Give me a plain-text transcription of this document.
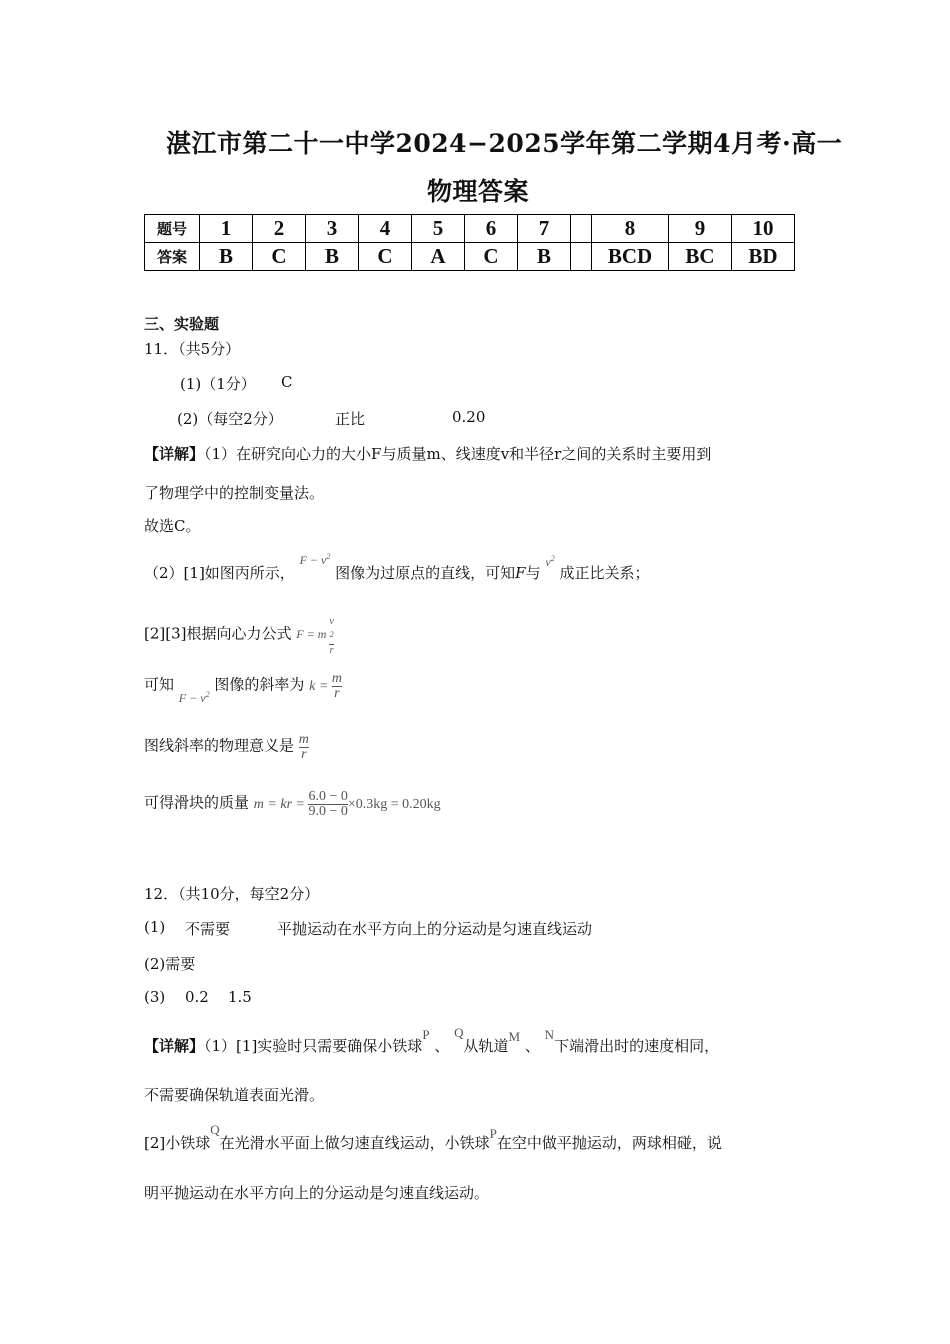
湛江市第二十一中学2024−2025学年第二学期4月考·高一
物理答案
题号	1	2	3	4	5	6	7		8	9	10
答案	B	C	B	C	A	C	B		BCD	BC	BD
三、实验题
11．（共5分）
(1)（1分） C
(2)（每空2分）	正比	0.20
【详解】（1）在研究向心力的大小F与质量m、线速度v和半径r之间的关系时主要用到
了物理学中的控制变量法。
故选C。
（2）[1]如图丙所示， $^{F - v^2}$ 图像为过原点的直线，可知F与 $^{v^2}$ 成正比关系；
[2][3]根据向心力公式 F = m v
$^2$
r
可知 $_{F - v^2}$ 图像的斜率为 $k = \frac{m}{r}$
图线斜率的物理意义是 $\frac{m}{r}$
可得滑块的质量 m = kr = $\frac{6.0 - 0}{9.0 - 0} \times 0.3kg = 0.20kg$
12．（共10分，每空2分）
(1) 不需要	平抛运动在水平方向上的分运动是匀速直线运动
(2)需要
(3) 0.2 1.5
【详解】（1）[1]实验时只需要确保小铁球P 、 Q从轨道M 、 N下端滑出时的速度相同，
不需要确保轨道表面光滑。
[2]小铁球Q在光滑水平面上做匀速直线运动，小铁球P在空中做平抛运动，两球相碰，说
明平抛运动在水平方向上的分运动是匀速直线运动。
